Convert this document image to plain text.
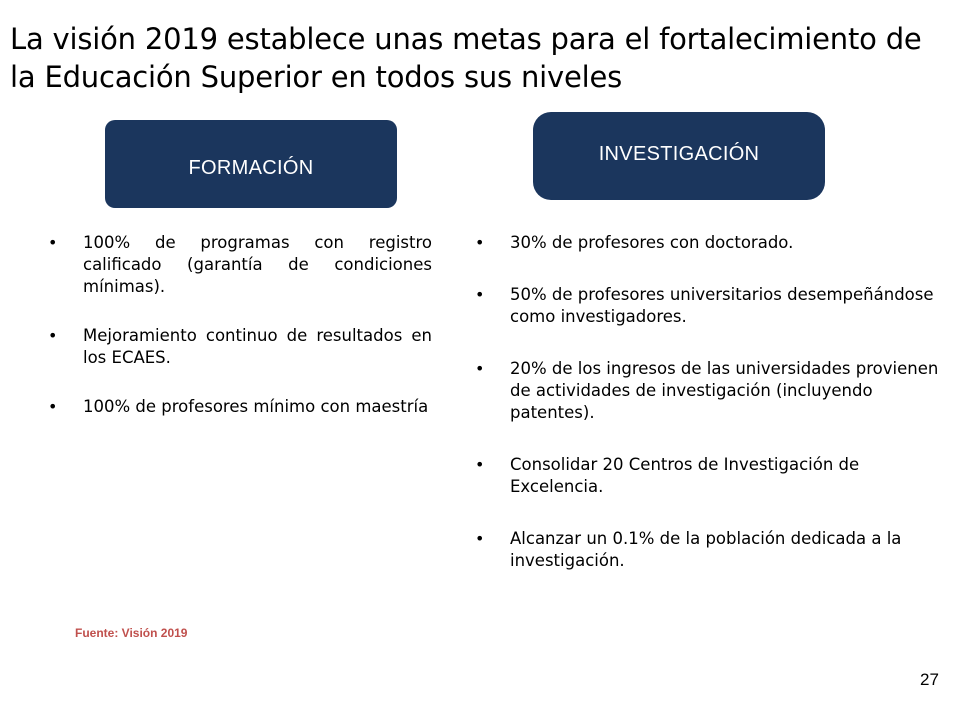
La visión 2019 establece unas metas para el fortalecimiento de la Educación Superior en todos sus niveles
FORMACIÓN
INVESTIGACIÓN
• 100% de programas con registro calificado (garantía de condiciones mínimas).
• Mejoramiento continuo de resultados en los ECAES.
• 100% de profesores mínimo con maestría
• 30% de profesores con doctorado.
• 50% de profesores universitarios desempeñándose como investigadores.
• 20% de los ingresos de las universidades provienen de actividades de investigación (incluyendo patentes).
• Consolidar 20 Centros de Investigación de Excelencia.
• Alcanzar un 0.1% de la población dedicada a la investigación.
Fuente: Visión 2019
27
